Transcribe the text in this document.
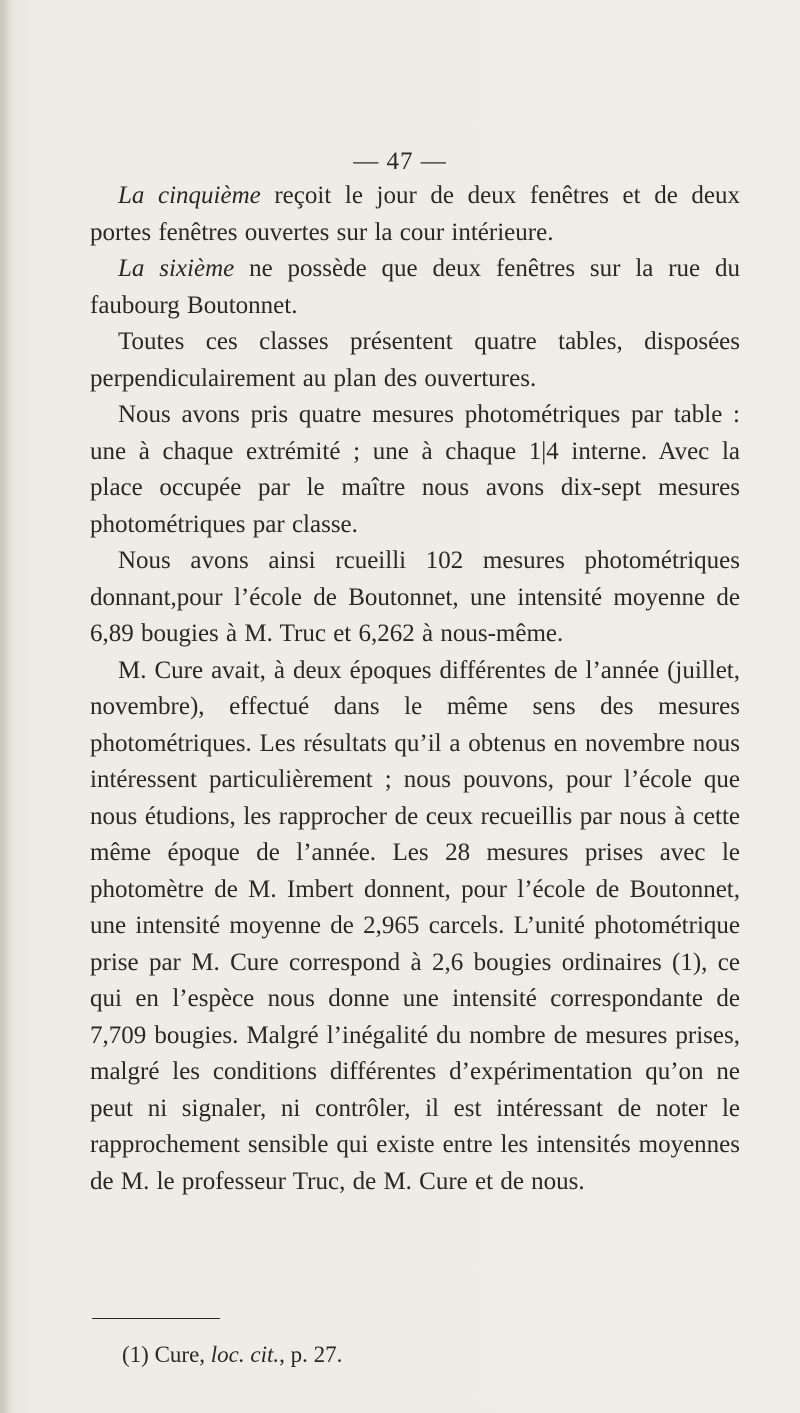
— 47 —

La cinquième reçoit le jour de deux fenêtres et de deux portes fenêtres ouvertes sur la cour intérieure.

La sixième ne possède que deux fenêtres sur la rue du faubourg Boutonnet.

Toutes ces classes présentent quatre tables, disposées perpendiculairement au plan des ouvertures.

Nous avons pris quatre mesures photométriques par table : une à chaque extrémité ; une à chaque 1|4 interne. Avec la place occupée par le maître nous avons dix-sept mesures photométriques par classe.

Nous avons ainsi rcueilli 102 mesures photométriques donnant,pour l’école de Boutonnet, une intensité moyenne de 6,89 bougies à M. Truc et 6,262 à nous-même.

M. Cure avait, à deux époques différentes de l’année (juillet, novembre), effectué dans le même sens des mesures photométriques. Les résultats qu’il a obtenus en novembre nous intéressent particulièrement ; nous pouvons, pour l’école que nous étudions, les rapprocher de ceux recueillis par nous à cette même époque de l’année. Les 28 mesures prises avec le photomètre de M. Imbert donnent, pour l’école de Boutonnet, une intensité moyenne de 2,965 carcels. L’unité photométrique prise par M. Cure correspond à 2,6 bougies ordinaires (1), ce qui en l’espèce nous donne une intensité correspondante de 7,709 bougies. Malgré l’inégalité du nombre de mesures prises, malgré les conditions différentes d’expérimentation qu’on ne peut ni signaler, ni contrôler, il est intéressant de noter le rapprochement sensible qui existe entre les intensités moyennes de M. le professeur Truc, de M. Cure et de nous.

(1) Cure, loc. cit., p. 27.
